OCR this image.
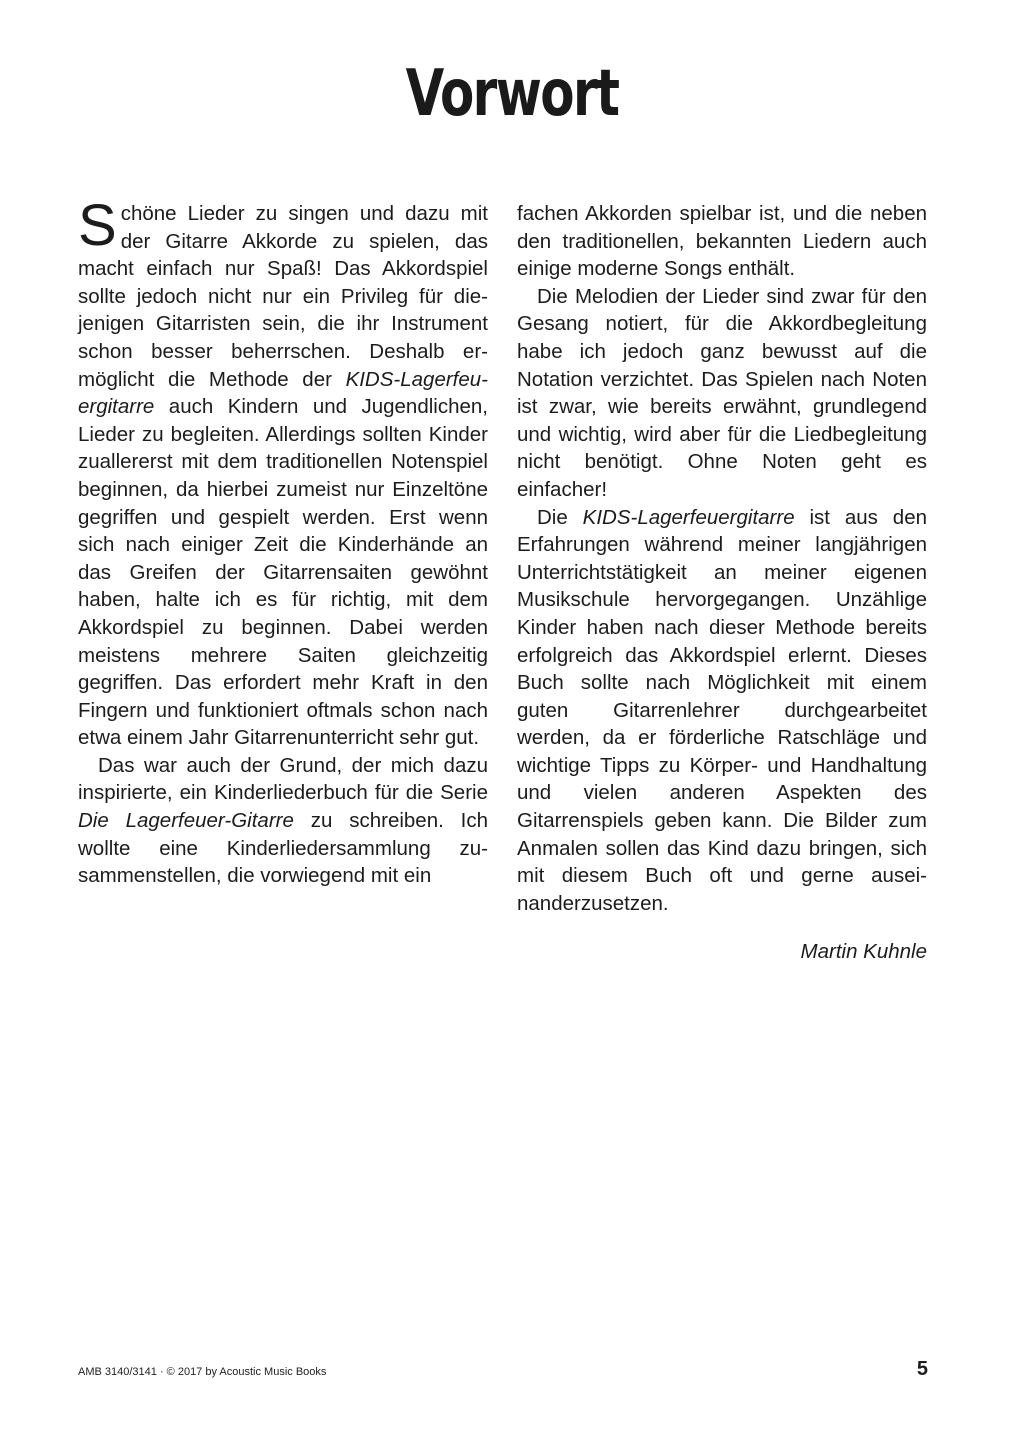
Vorwort

Schöne Lieder zu singen und dazu mit der Gitarre Akkorde zu spielen, das macht einfach nur Spaß! Das Akkordspiel sollte jedoch nicht nur ein Privileg für diejenigen Gitarristen sein, die ihr Instrument schon besser beherrschen. Deshalb ermöglicht die Methode der KIDS-Lagerfeuergitarre auch Kindern und Jugendlichen, Lieder zu begleiten. Allerdings sollten Kinder zuallererst mit dem traditionellen Notenspiel beginnen, da hierbei zumeist nur Einzeltöne gegriffen und gespielt werden. Erst wenn sich nach einiger Zeit die Kinderhände an das Greifen der Gitarrensaiten gewöhnt haben, halte ich es für richtig, mit dem Akkordspiel zu beginnen. Dabei werden meistens mehrere Saiten gleichzeitig gegriffen. Das erfordert mehr Kraft in den Fingern und funktioniert oftmals schon nach etwa einem Jahr Gitarrenunterricht sehr gut.

Das war auch der Grund, der mich dazu inspirierte, ein Kinderliederbuch für die Serie Die Lagerfeuer-Gitarre zu schreiben. Ich wollte eine Kinderliedersammlung zusammenstellen, die vorwiegend mit ein

fachen Akkorden spielbar ist, und die neben den traditionellen, bekannten Liedern auch einige moderne Songs enthält.

Die Melodien der Lieder sind zwar für den Gesang notiert, für die Akkordbegleitung habe ich jedoch ganz bewusst auf die Notation verzichtet. Das Spielen nach Noten ist zwar, wie bereits erwähnt, grundlegend und wichtig, wird aber für die Liedbegleitung nicht benötigt. Ohne Noten geht es einfacher!

Die KIDS-Lagerfeuergitarre ist aus den Erfahrungen während meiner langjährigen Unterrichtstätigkeit an meiner eigenen Musikschule hervorgegangen. Unzählige Kinder haben nach dieser Methode bereits erfolgreich das Akkordspiel erlernt. Dieses Buch sollte nach Möglichkeit mit einem guten Gitarrenlehrer durchgearbeitet werden, da er förderliche Ratschläge und wichtige Tipps zu Körper- und Handhaltung und vielen anderen Aspekten des Gitarrenspiels geben kann. Die Bilder zum Anmalen sollen das Kind dazu bringen, sich mit diesem Buch oft und gerne auseinanderzusetzen.

Martin Kuhnle
AMB 3140/3141 · © 2017 by Acoustic Music Books	5
